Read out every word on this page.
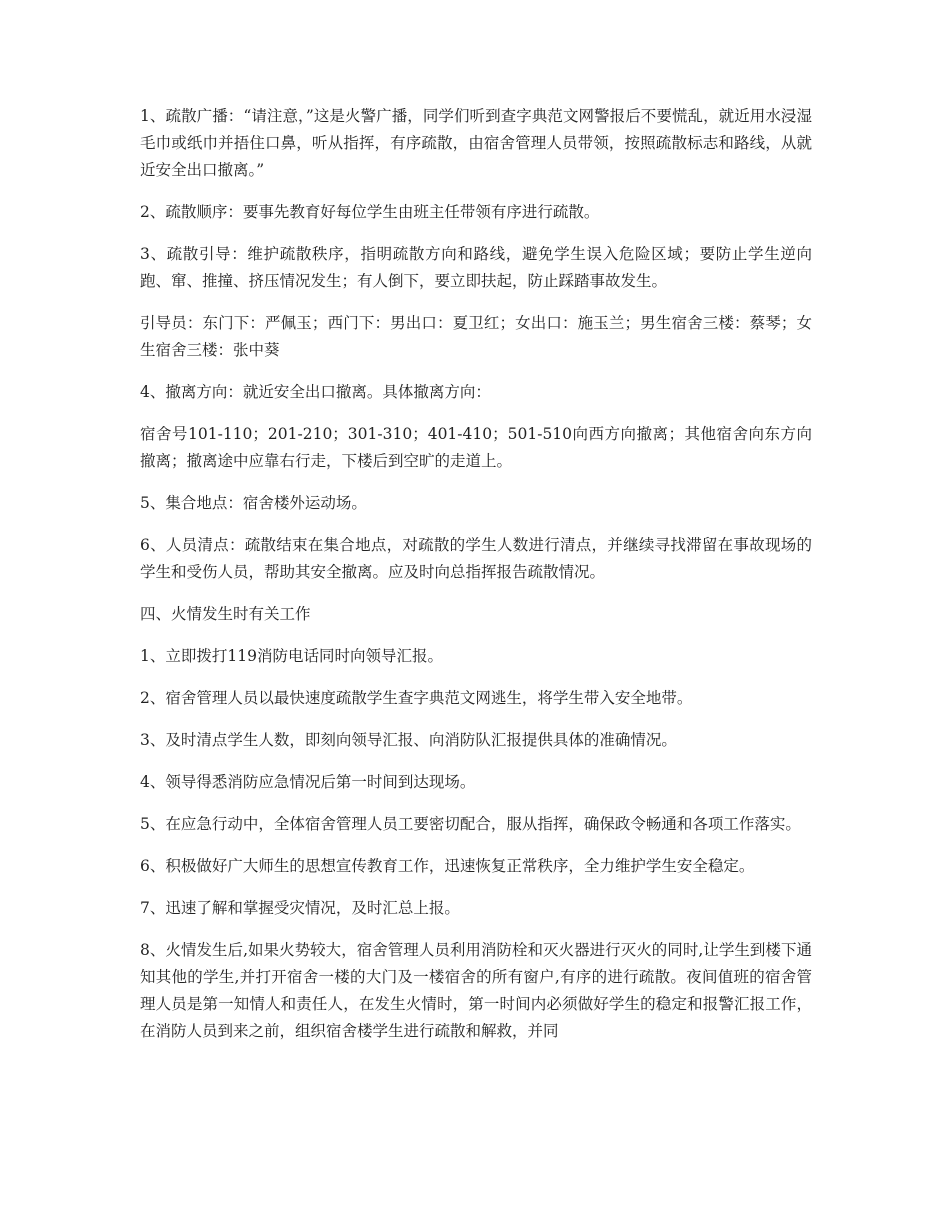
1、疏散广播：“请注意，”这是火警广播，同学们听到查字典范文网警报后不要慌乱，就近用水浸湿毛巾或纸巾并捂住口鼻，听从指挥，有序疏散，由宿舍管理人员带领，按照疏散标志和路线，从就近安全出口撤离。”

2、疏散顺序：要事先教育好每位学生由班主任带领有序进行疏散。

3、疏散引导：维护疏散秩序，指明疏散方向和路线，避免学生误入危险区域；要防止学生逆向跑、窜、推撞、挤压情况发生；有人倒下，要立即扶起，防止踩踏事故发生。

引导员：东门下：严佩玉；西门下：男出口：夏卫红；女出口：施玉兰；男生宿舍三楼：蔡琴；女生宿舍三楼：张中葵

4、撤离方向：就近安全出口撤离。具体撤离方向：

宿舍号101-110；201-210；301-310；401-410；501-510向西方向撤离；其他宿舍向东方向撤离；撤离途中应靠右行走，下楼后到空旷的走道上。

5、集合地点：宿舍楼外运动场。

6、人员清点：疏散结束在集合地点，对疏散的学生人数进行清点，并继续寻找滞留在事故现场的学生和受伤人员，帮助其安全撤离。应及时向总指挥报告疏散情况。

四、火情发生时有关工作

1、立即拨打119消防电话同时向领导汇报。

2、宿舍管理人员以最快速度疏散学生查字典范文网逃生，将学生带入安全地带。

3、及时清点学生人数，即刻向领导汇报、向消防队汇报提供具体的准确情况。

4、领导得悉消防应急情况后第一时间到达现场。

5、在应急行动中，全体宿舍管理人员工要密切配合，服从指挥，确保政令畅通和各项工作落实。

6、积极做好广大师生的思想宣传教育工作，迅速恢复正常秩序，全力维护学生安全稳定。

7、迅速了解和掌握受灾情况，及时汇总上报。

8、火情发生后,如果火势较大，宿舍管理人员利用消防栓和灭火器进行灭火的同时,让学生到楼下通知其他的学生,并打开宿舍一楼的大门及一楼宿舍的所有窗户,有序的进行疏散。夜间值班的宿舍管理人员是第一知情人和责任人，在发生火情时，第一时间内必须做好学生的稳定和报警汇报工作，在消防人员到来之前，组织宿舍楼学生进行疏散和解救，并同
